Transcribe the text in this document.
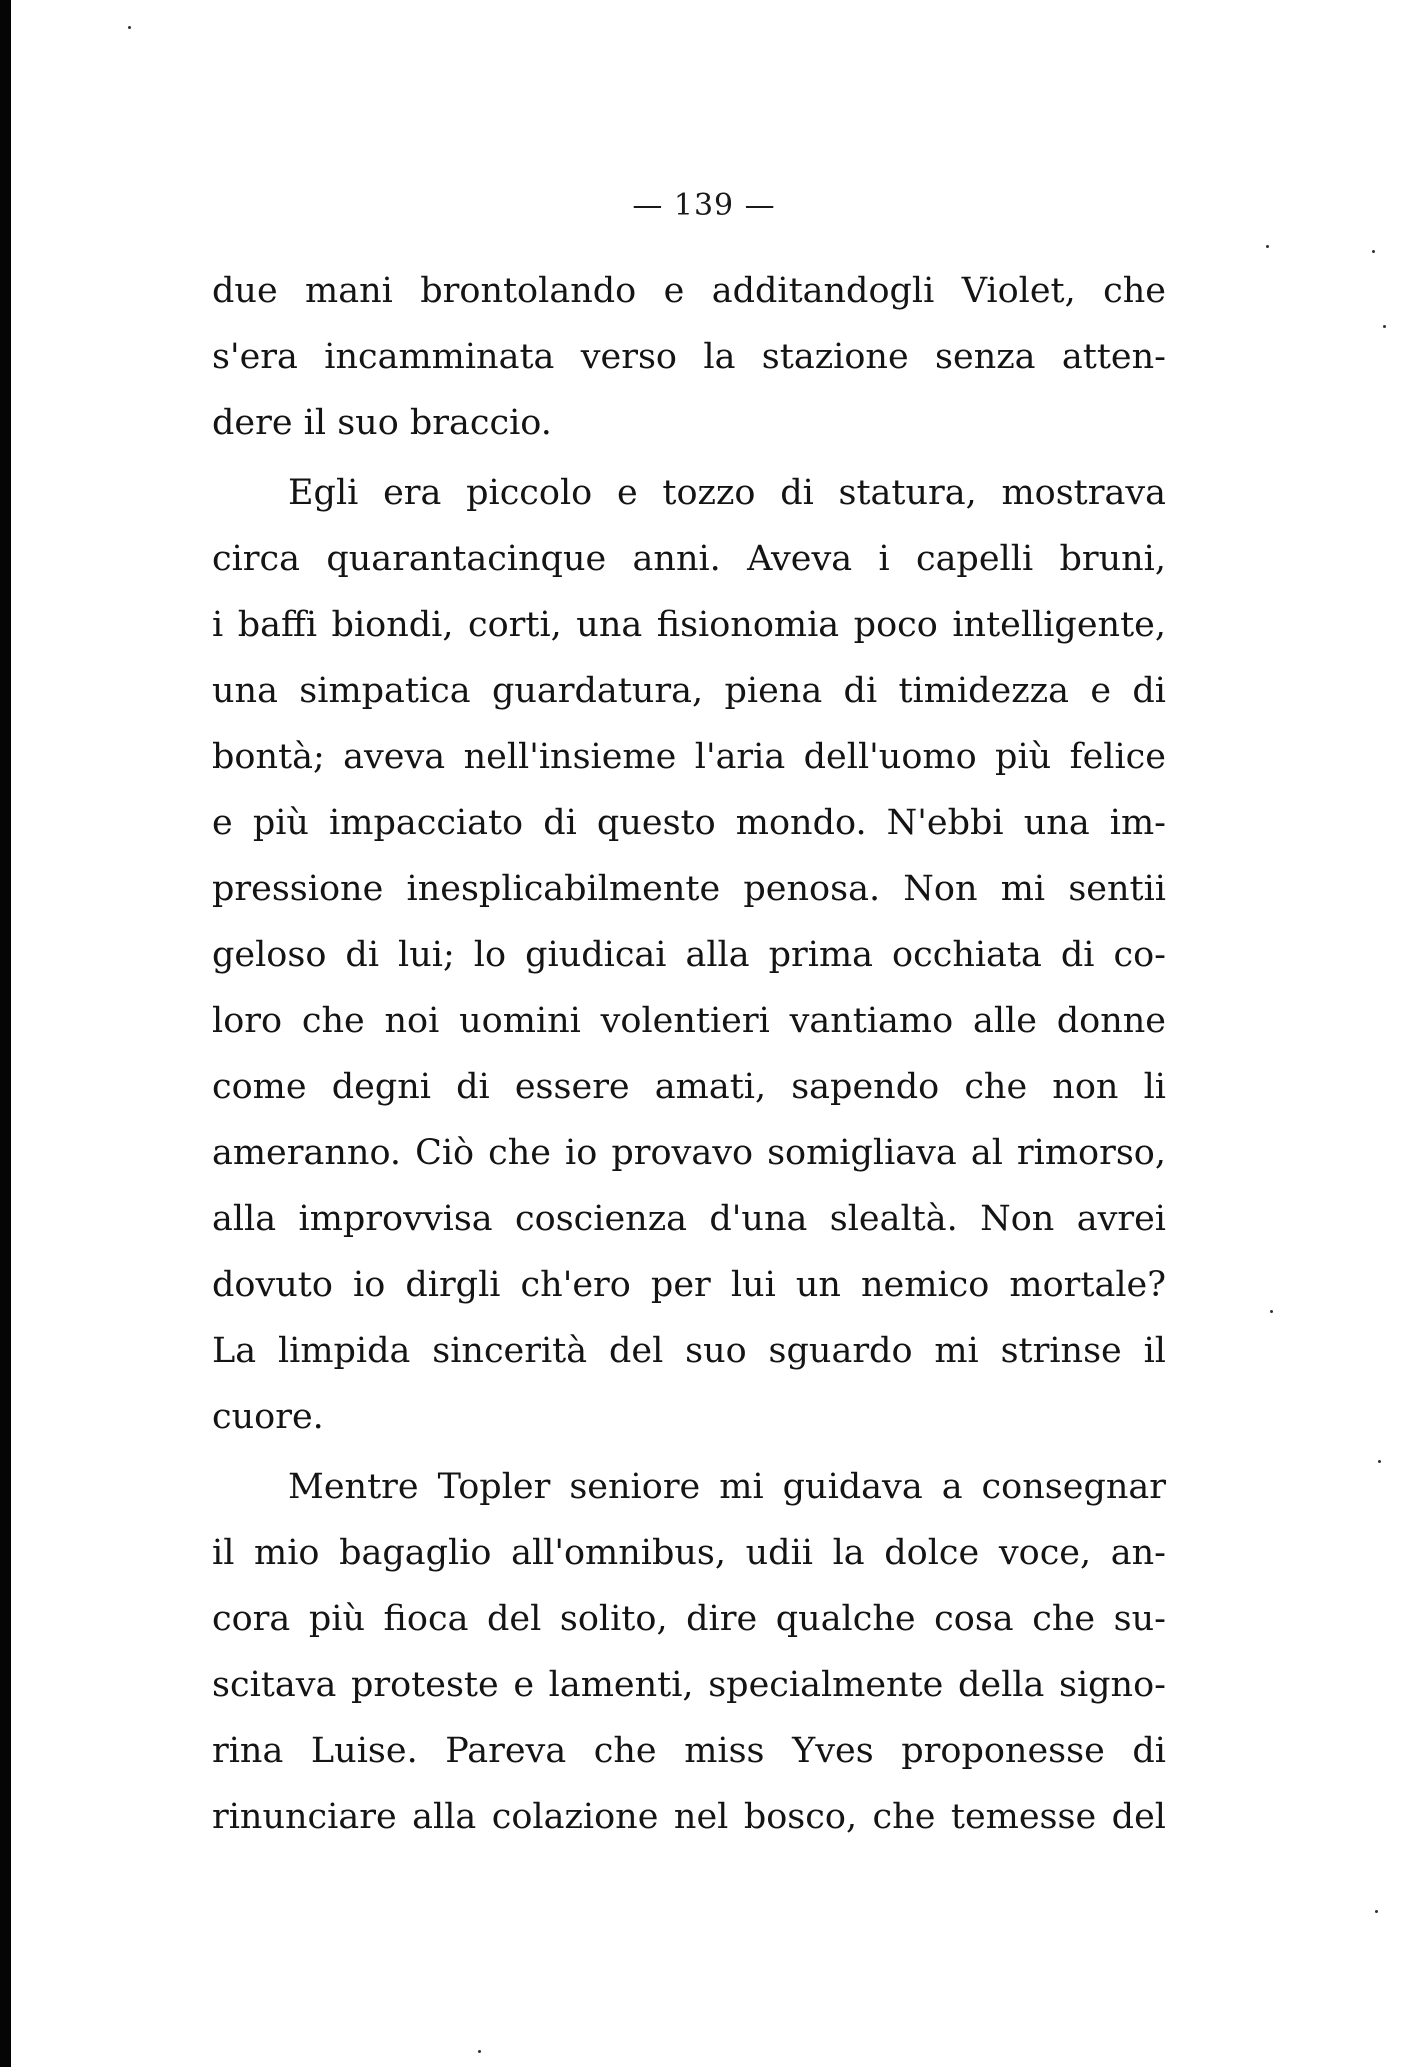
— 139 —
due mani brontolando e additandogli Violet, che
s'era incamminata verso la stazione senza atten-
dere il suo braccio.
Egli era piccolo e tozzo di statura, mostrava
circa quarantacinque anni. Aveva i capelli bruni,
i baffi biondi, corti, una fisionomia poco intelligente,
una simpatica guardatura, piena di timidezza e di
bontà; aveva nell'insieme l'aria dell'uomo più felice
e più impacciato di questo mondo. N'ebbi una im-
pressione inesplicabilmente penosa. Non mi sentii
geloso di lui; lo giudicai alla prima occhiata di co-
loro che noi uomini volentieri vantiamo alle donne
come degni di essere amati, sapendo che non li
ameranno. Ciò che io provavo somigliava al rimorso,
alla improvvisa coscienza d'una slealtà. Non avrei
dovuto io dirgli ch'ero per lui un nemico mortale?
La limpida sincerità del suo sguardo mi strinse il
cuore.
Mentre Topler seniore mi guidava a consegnar
il mio bagaglio all'omnibus, udii la dolce voce, an-
cora più fioca del solito, dire qualche cosa che su-
scitava proteste e lamenti, specialmente della signo-
rina Luise. Pareva che miss Yves proponesse di
rinunciare alla colazione nel bosco, che temesse del
